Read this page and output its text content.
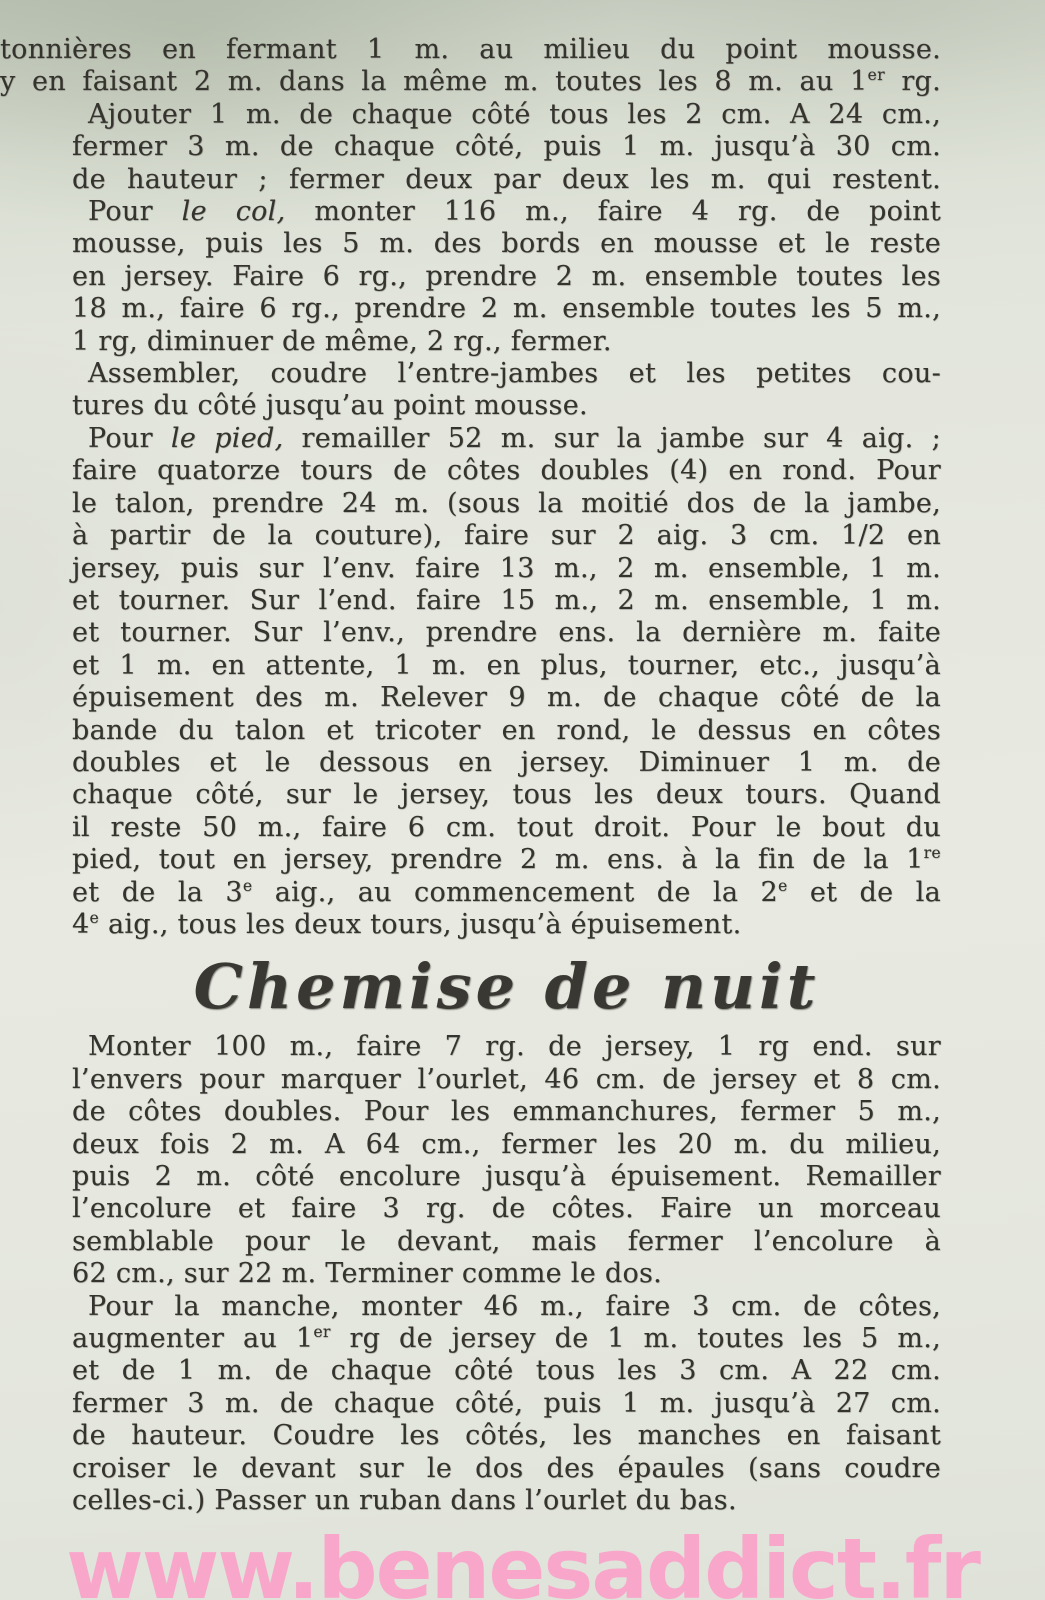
tonnières en fermant 1 m. au milieu du point mousse.
y en faisant 2 m. dans la même m. toutes les 8 m. au 1er rg.
Ajouter 1 m. de chaque côté tous les 2 cm. A 24 cm.,
fermer 3 m. de chaque côté, puis 1 m. jusqu’à 30 cm.
de hauteur ; fermer deux par deux les m. qui restent.
Pour le col, monter 116 m., faire 4 rg. de point
mousse, puis les 5 m. des bords en mousse et le reste
en jersey. Faire 6 rg., prendre 2 m. ensemble toutes les
18 m., faire 6 rg., prendre 2 m. ensemble toutes les 5 m.,
1 rg, diminuer de même, 2 rg., fermer.
Assembler, coudre l’entre-jambes et les petites cou-
tures du côté jusqu’au point mousse.
Pour le pied, remailler 52 m. sur la jambe sur 4 aig. ;
faire quatorze tours de côtes doubles (4) en rond. Pour
le talon, prendre 24 m. (sous la moitié dos de la jambe,
à partir de la couture), faire sur 2 aig. 3 cm. 1/2 en
jersey, puis sur l’env. faire 13 m., 2 m. ensemble, 1 m.
et tourner. Sur l’end. faire 15 m., 2 m. ensemble, 1 m.
et tourner. Sur l’env., prendre ens. la dernière m. faite
et 1 m. en attente, 1 m. en plus, tourner, etc., jusqu’à
épuisement des m. Relever 9 m. de chaque côté de la
bande du talon et tricoter en rond, le dessus en côtes
doubles et le dessous en jersey. Diminuer 1 m. de
chaque côté, sur le jersey, tous les deux tours. Quand
il reste 50 m., faire 6 cm. tout droit. Pour le bout du
pied, tout en jersey, prendre 2 m. ens. à la fin de la 1re
et de la 3e aig., au commencement de la 2e et de la
4e aig., tous les deux tours, jusqu’à épuisement.
Chemise de nuit
Monter 100 m., faire 7 rg. de jersey, 1 rg end. sur
l’envers pour marquer l’ourlet, 46 cm. de jersey et 8 cm.
de côtes doubles. Pour les emmanchures, fermer 5 m.,
deux fois 2 m. A 64 cm., fermer les 20 m. du milieu,
puis 2 m. côté encolure jusqu’à épuisement. Remailler
l’encolure et faire 3 rg. de côtes. Faire un morceau
semblable pour le devant, mais fermer l’encolure à
62 cm., sur 22 m. Terminer comme le dos.
Pour la manche, monter 46 m., faire 3 cm. de côtes,
augmenter au 1er rg de jersey de 1 m. toutes les 5 m.,
et de 1 m. de chaque côté tous les 3 cm. A 22 cm.
fermer 3 m. de chaque côté, puis 1 m. jusqu’à 27 cm.
de hauteur. Coudre les côtés, les manches en faisant
croiser le devant sur le dos des épaules (sans coudre
celles-ci.) Passer un ruban dans l’ourlet du bas.
www.benesaddict.fr
